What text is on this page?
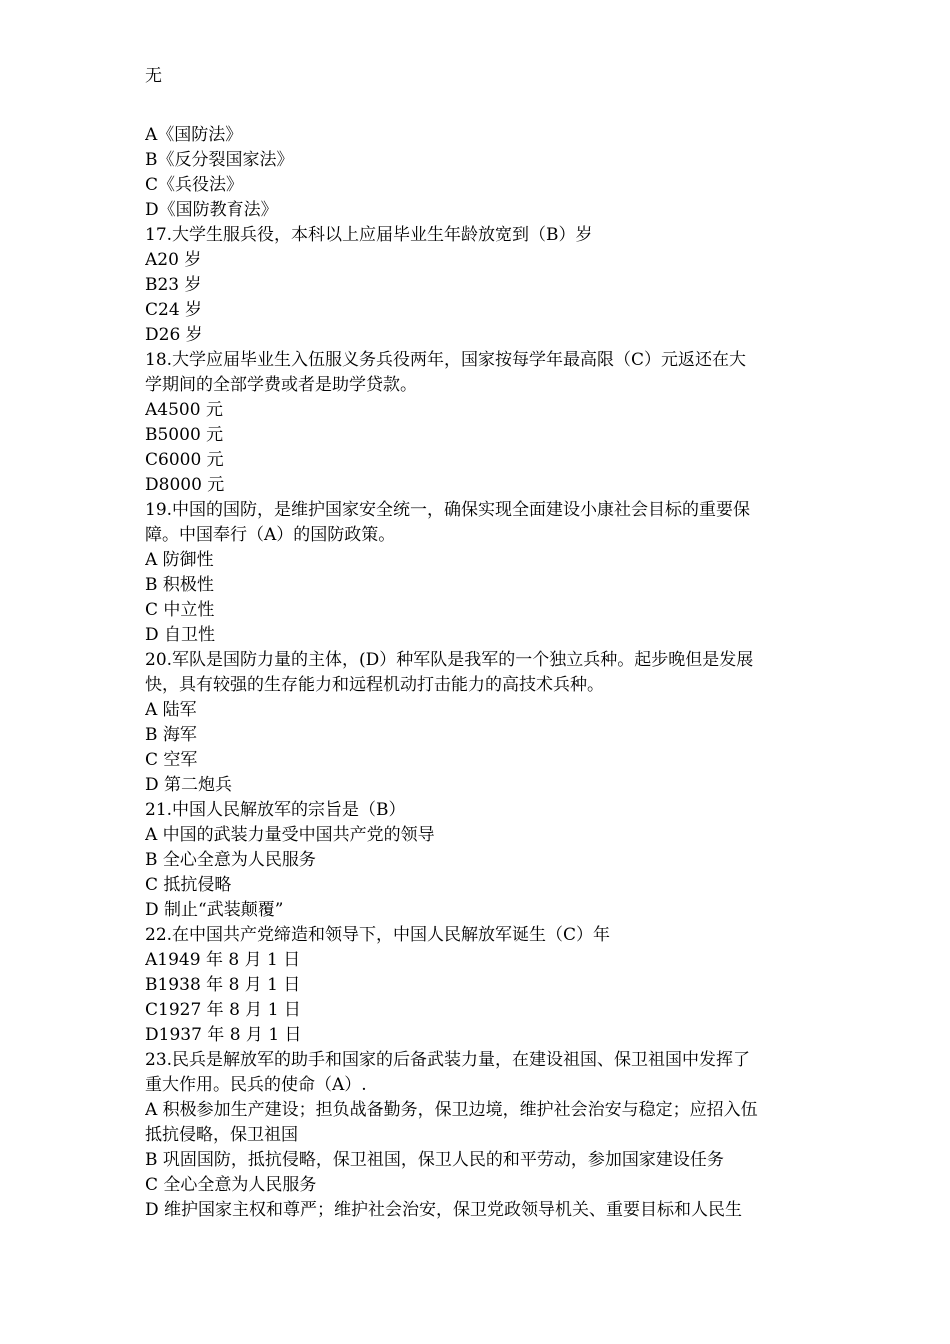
无
A《国防法》
B《反分裂国家法》
C《兵役法》
D《国防教育法》
17.大学生服兵役，本科以上应届毕业生年龄放宽到（B）岁
A20 岁
B23 岁
C24 岁
D26 岁
18.大学应届毕业生入伍服义务兵役两年，国家按每学年最高限（C）元返还在大
学期间的全部学费或者是助学贷款。
A4500 元
B5000 元
C6000 元
D8000 元
19.中国的国防，是维护国家安全统一，确保实现全面建设小康社会目标的重要保
障。中国奉行（A）的国防政策。
A 防御性
B 积极性
C 中立性
D 自卫性
20.军队是国防力量的主体，(D）种军队是我军的一个独立兵种。起步晚但是发展
快，具有较强的生存能力和远程机动打击能力的高技术兵种。
A 陆军
B 海军
C 空军
D 第二炮兵
21.中国人民解放军的宗旨是（B）
A 中国的武装力量受中国共产党的领导
B 全心全意为人民服务
C 抵抗侵略
D 制止“武装颠覆”
22.在中国共产党缔造和领导下，中国人民解放军诞生（C）年
A1949 年 8 月 1 日
B1938 年 8 月 1 日
C1927 年 8 月 1 日
D1937 年 8 月 1 日
23.民兵是解放军的助手和国家的后备武装力量，在建设祖国、保卫祖国中发挥了
重大作用。民兵的使命（A）.
A 积极参加生产建设；担负战备勤务，保卫边境，维护社会治安与稳定；应招入伍
抵抗侵略，保卫祖国
B 巩固国防，抵抗侵略，保卫祖国，保卫人民的和平劳动，参加国家建设任务
C 全心全意为人民服务
D 维护国家主权和尊严；维护社会治安，保卫党政领导机关、重要目标和人民生
